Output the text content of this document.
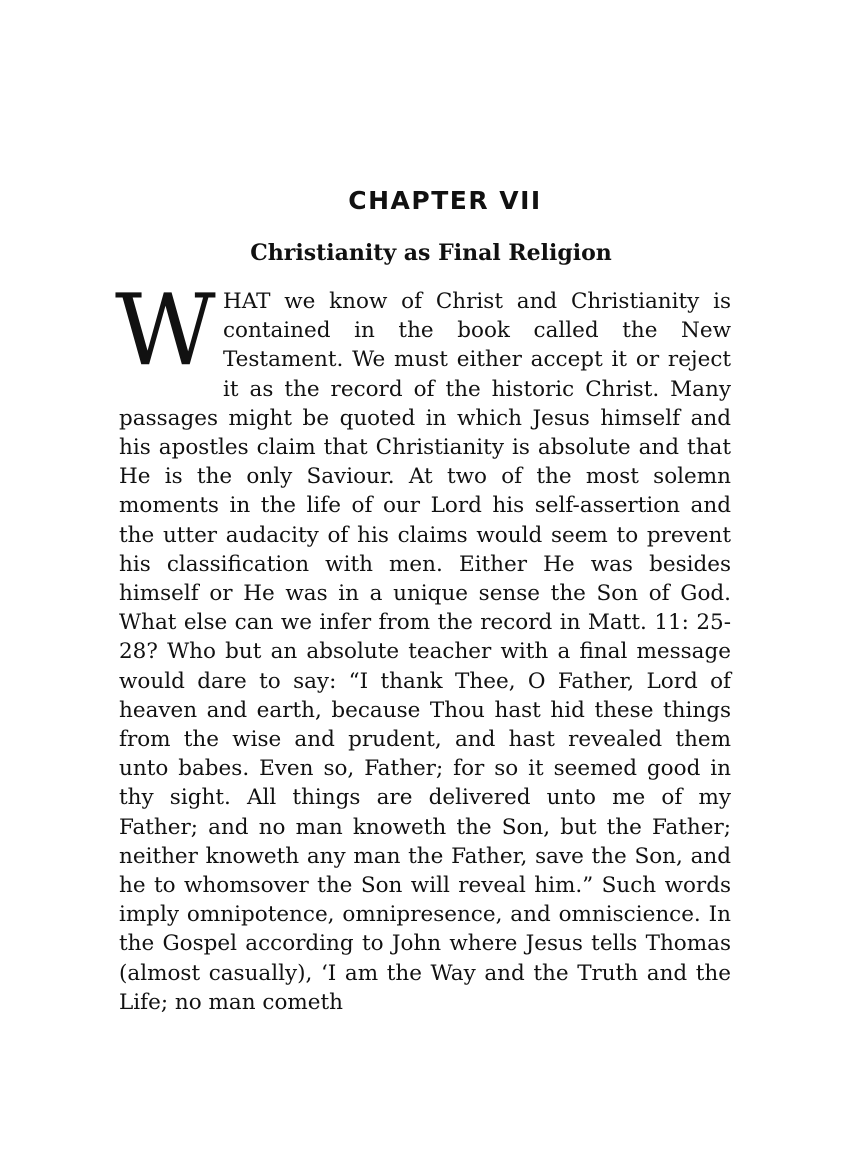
CHAPTER VII
Christianity as Final Religion

W HAT we know of Christ and Christianity is contained in the book called the New Testament. We must either accept it or reject it as the record of the historic Christ. Many passages might be quoted in which Jesus himself and his apostles claim that Christianity is absolute and that He is the only Saviour. At two of the most solemn moments in the life of our Lord his self-assertion and the utter audacity of his claims would seem to prevent his classification with men. Either He was besides himself or He was in a unique sense the Son of God. What else can we infer from the record in Matt. 11: 25-28? Who but an absolute teacher with a final message would dare to say: “I thank Thee, O Father, Lord of heaven and earth, because Thou hast hid these things from the wise and prudent, and hast revealed them unto babes. Even so, Father; for so it seemed good in thy sight. All things are delivered unto me of my Father; and no man knoweth the Son, but the Father; neither knoweth any man the Father, save the Son, and he to whomsover the Son will reveal him.” Such words imply omnipotence, omnipresence, and omniscience. In the Gospel according to John where Jesus tells Thomas (almost casually), ‘I am the Way and the Truth and the Life; no man cometh
